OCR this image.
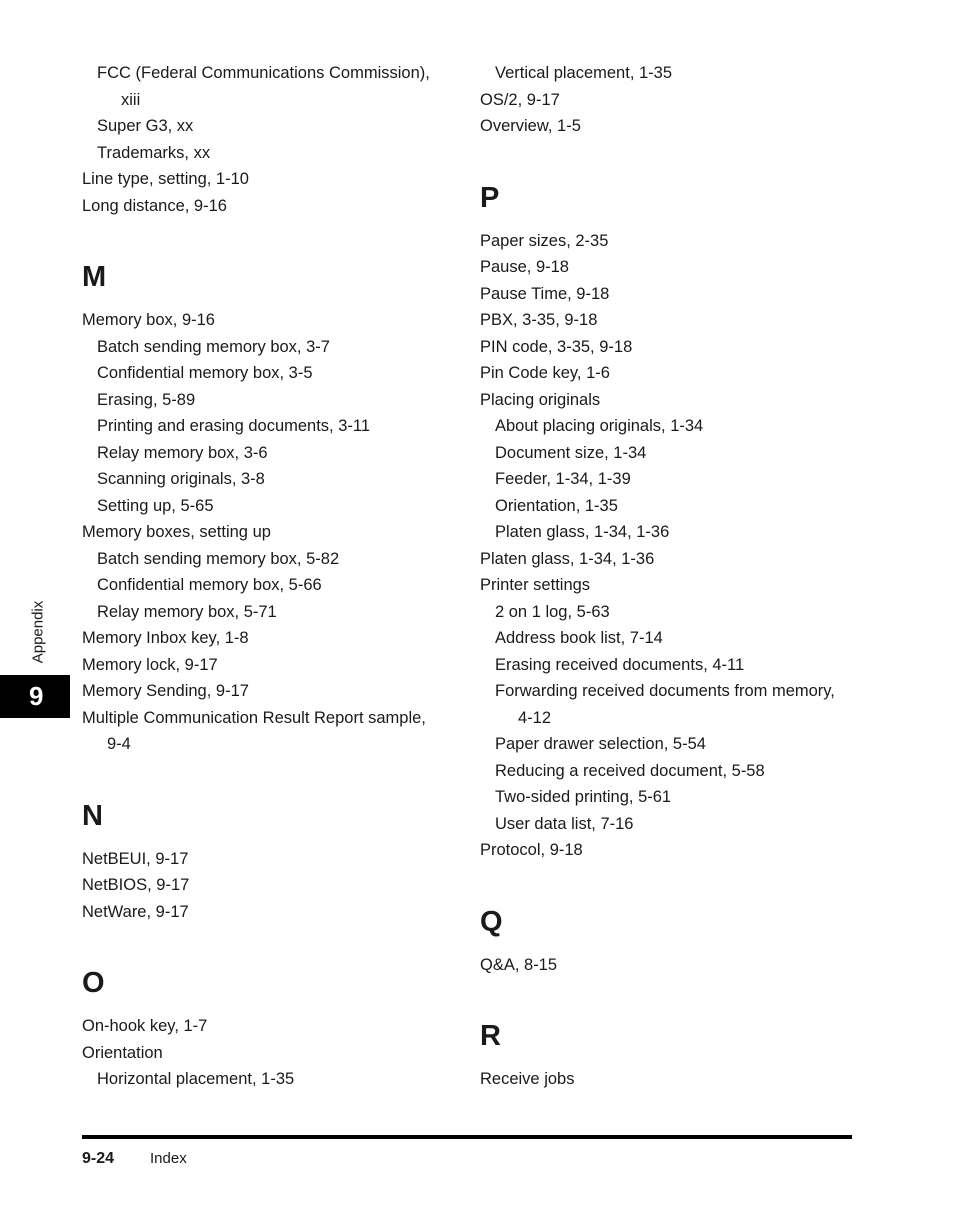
FCC (Federal Communications Commission),
xiii
Super G3, xx
Trademarks, xx
Line type, setting, 1-10
Long distance, 9-16
M
Memory box, 9-16
Batch sending memory box, 3-7
Confidential memory box, 3-5
Erasing, 5-89
Printing and erasing documents, 3-11
Relay memory box, 3-6
Scanning originals, 3-8
Setting up, 5-65
Memory boxes, setting up
Batch sending memory box, 5-82
Confidential memory box, 5-66
Relay memory box, 5-71
Memory Inbox key, 1-8
Memory lock, 9-17
Memory Sending, 9-17
Multiple Communication Result Report sample,
9-4
N
NetBEUI, 9-17
NetBIOS, 9-17
NetWare, 9-17
O
On-hook key, 1-7
Orientation
Horizontal placement, 1-35
Vertical placement, 1-35
OS/2, 9-17
Overview, 1-5
P
Paper sizes, 2-35
Pause, 9-18
Pause Time, 9-18
PBX, 3-35, 9-18
PIN code, 3-35, 9-18
Pin Code key, 1-6
Placing originals
About placing originals, 1-34
Document size, 1-34
Feeder, 1-34, 1-39
Orientation, 1-35
Platen glass, 1-34, 1-36
Platen glass, 1-34, 1-36
Printer settings
2 on 1 log, 5-63
Address book list, 7-14
Erasing received documents, 4-11
Forwarding received documents from memory,
4-12
Paper drawer selection, 5-54
Reducing a received document, 5-58
Two-sided printing, 5-61
User data list, 7-16
Protocol, 9-18
Q
Q&A, 8-15
R
Receive jobs
Appendix
9
9-24 Index
